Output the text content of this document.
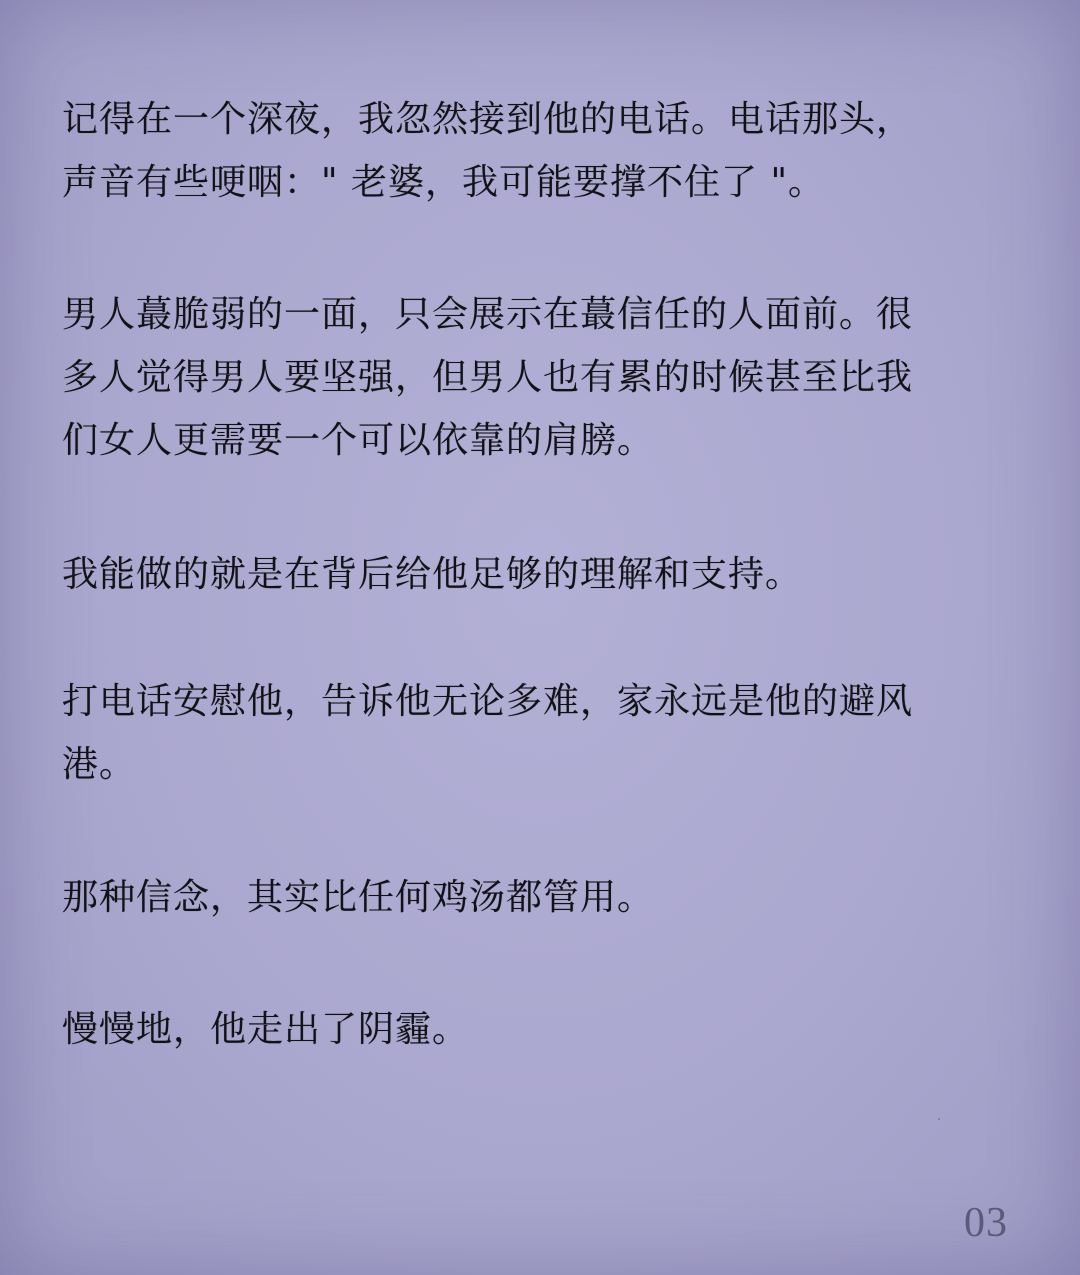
记得在一个深夜，我忽然接到他的电话。电话那头，
声音有些哽咽：" 老婆，我可能要撑不住了 "。

男人蕞脆弱的一面，只会展示在蕞信任的人面前。很
多人觉得男人要坚强，但男人也有累的时候甚至比我
们女人更需要一个可以依靠的肩膀。

我能做的就是在背后给他足够的理解和支持。

打电话安慰他，告诉他无论多难，家永远是他的避风
港。

那种信念，其实比任何鸡汤都管用。

慢慢地，他走出了阴霾。

03
